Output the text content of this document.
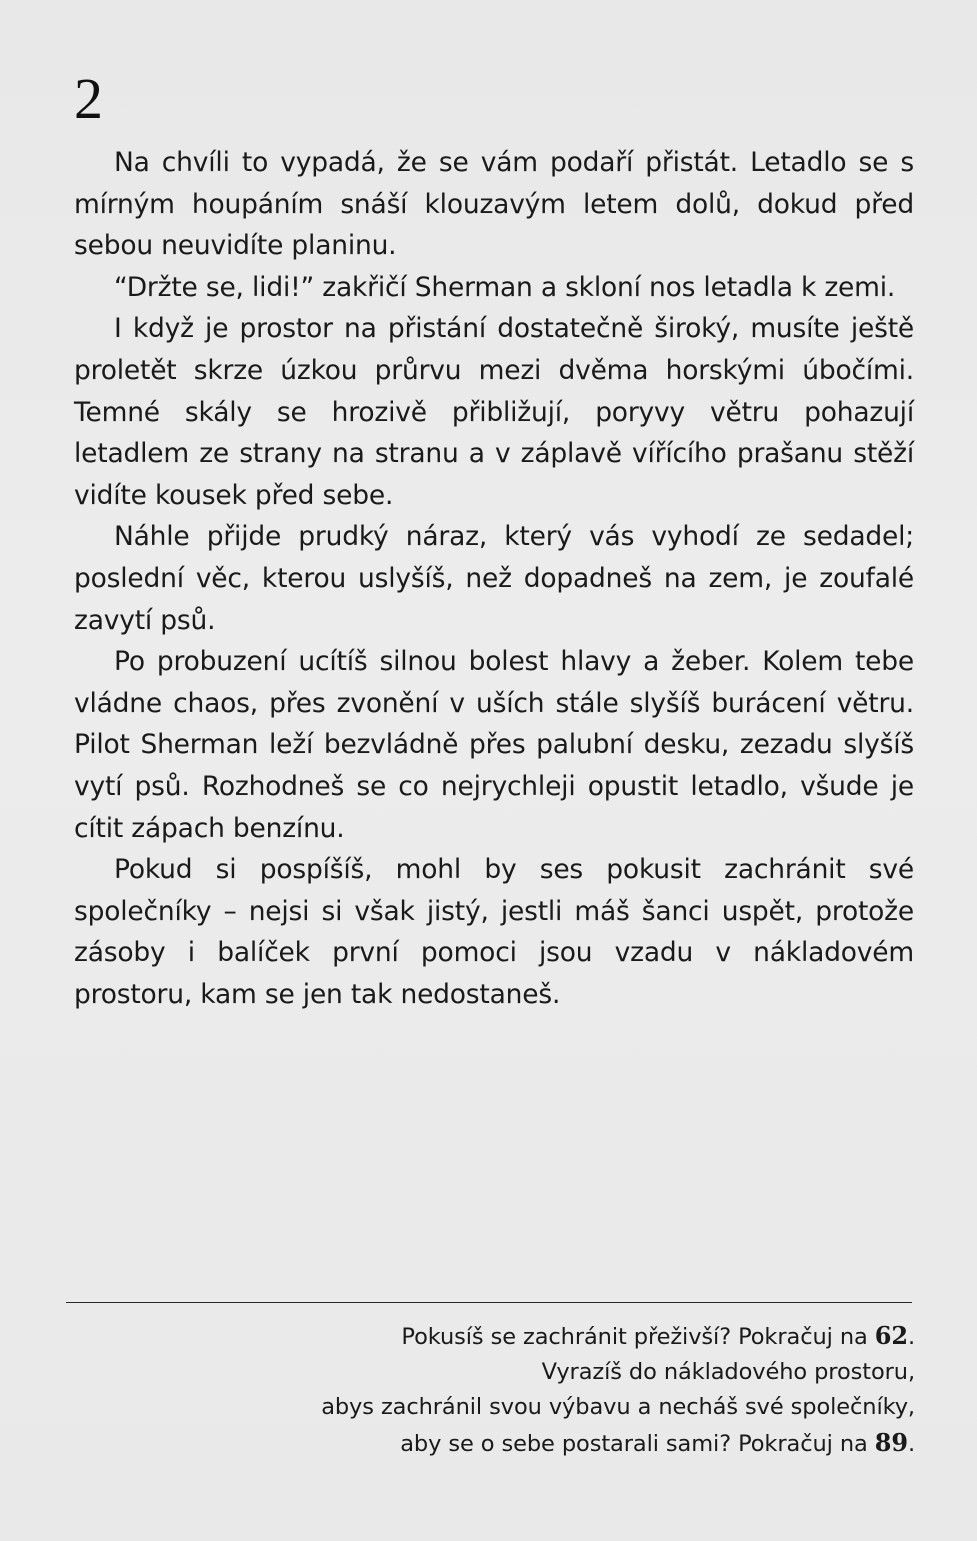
2

Na chvíli to vypadá, že se vám podaří přistát. Letadlo se s mírným houpáním snáší klouzavým letem dolů, dokud před sebou neuvidíte planinu.

“Držte se, lidi!” zakřičí Sherman a skloní nos letadla k zemi.

I když je prostor na přistání dostatečně široký, musíte ještě proletět skrze úzkou průrvu mezi dvěma horskými úbočími. Temné skály se hrozivě přibližují, poryvy větru pohazují letadlem ze strany na stranu a v záplavě vířícího prašanu stěží vidíte kousek před sebe.

Náhle přijde prudký náraz, který vás vyhodí ze sedadel; poslední věc, kterou uslyšíš, než dopadneš na zem, je zoufalé zavytí psů.

Po probuzení ucítíš silnou bolest hlavy a žeber. Kolem tebe vládne chaos, přes zvonění v uších stále slyšíš burácení větru. Pilot Sherman leží bezvládně přes palubní desku, zezadu slyšíš vytí psů. Rozhodneš se co nejrychleji opustit letadlo, všude je cítit zápach benzínu.

Pokud si pospíšíš, mohl by ses pokusit zachránit své společníky – nejsi si však jistý, jestli máš šanci uspět, protože zásoby i balíček první pomoci jsou vzadu v nákladovém prostoru, kam se jen tak nedostaneš.

Pokusíš se zachránit přeživší? Pokračuj na 62.
Vyrazíš do nákladového prostoru,
abys zachránil svou výbavu a necháš své společníky,
aby se o sebe postarali sami? Pokračuj na 89.
